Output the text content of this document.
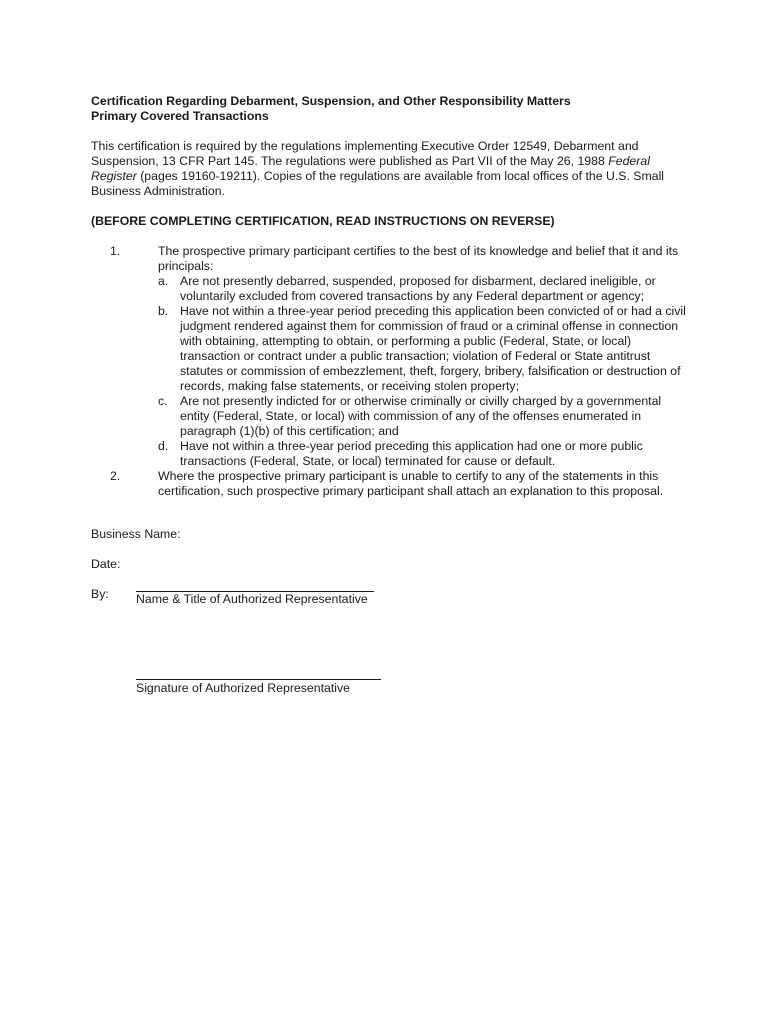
Certification Regarding Debarment, Suspension, and Other Responsibility Matters
Primary Covered Transactions

This certification is required by the regulations implementing Executive Order 12549, Debarment and Suspension, 13 CFR Part 145. The regulations were published as Part VII of the May 26, 1988 Federal Register (pages 19160-19211). Copies of the regulations are available from local offices of the U.S. Small Business Administration.

(BEFORE COMPLETING CERTIFICATION, READ INSTRUCTIONS ON REVERSE)

1.	The prospective primary participant certifies to the best of its knowledge and belief that it and its principals:
a. Are not presently debarred, suspended, proposed for disbarment, declared ineligible, or voluntarily excluded from covered transactions by any Federal department or agency;
b. Have not within a three-year period preceding this application been convicted of or had a civil judgment rendered against them for commission of fraud or a criminal offense in connection with obtaining, attempting to obtain, or performing a public (Federal, State, or local) transaction or contract under a public transaction; violation of Federal or State antitrust statutes or commission of embezzlement, theft, forgery, bribery, falsification or destruction of records, making false statements, or receiving stolen property;
c.	Are not presently indicted for or otherwise criminally or civilly charged by a governmental entity (Federal, State, or local) with commission of any of the offenses enumerated in paragraph (1)(b) of this certification; and
d. Have not within a three-year period preceding this application had one or more public transactions (Federal, State, or local) terminated for cause or default.
2.	Where the prospective primary participant is unable to certify to any of the statements in this certification, such prospective primary participant shall attach an explanation to this proposal.

Business Name:

Date:

By:	Name & Title of Authorized Representative
Signature of Authorized Representative
